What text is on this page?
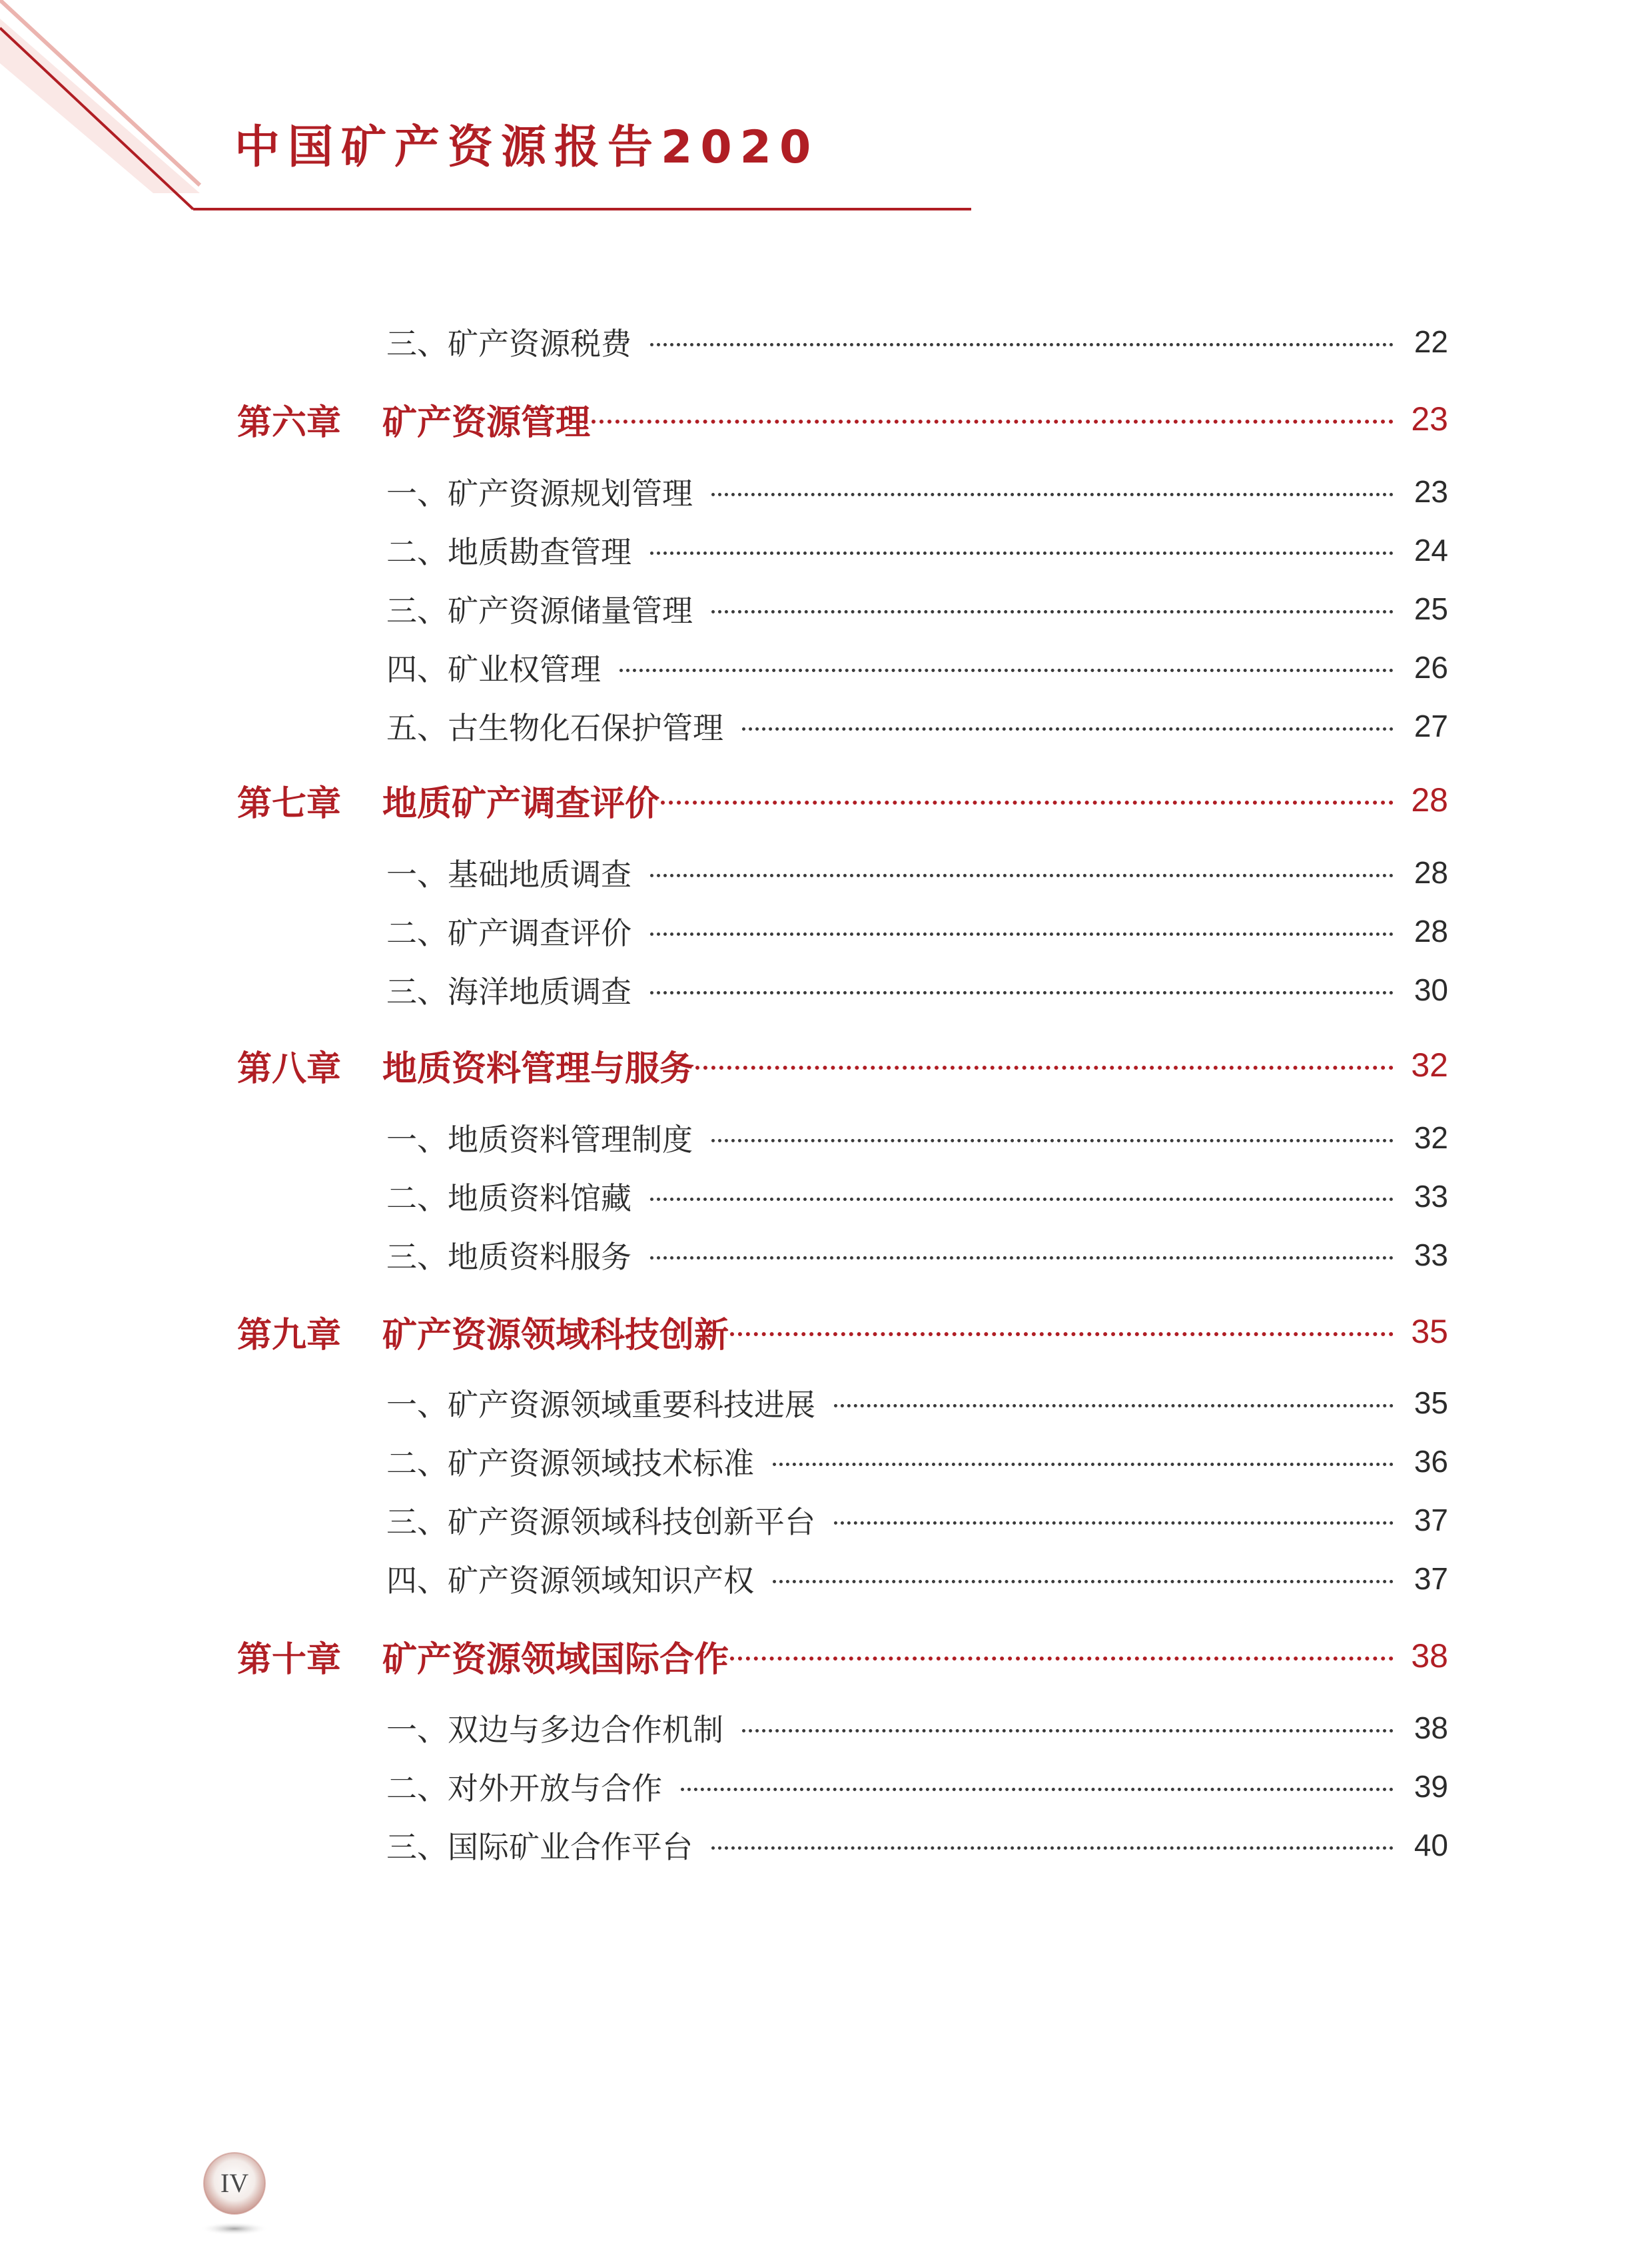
中国矿产资源报告2020
三、矿产资源税费	22
第六章	矿产资源管理	23
一、矿产资源规划管理	23
二、地质勘查管理	24
三、矿产资源储量管理	25
四、矿业权管理	26
五、古生物化石保护管理	27
第七章	地质矿产调查评价	28
一、基础地质调查	28
二、矿产调查评价	28
三、海洋地质调查	30
第八章	地质资料管理与服务	32
一、地质资料管理制度	32
二、地质资料馆藏	33
三、地质资料服务	33
第九章	矿产资源领域科技创新	35
一、矿产资源领域重要科技进展	35
二、矿产资源领域技术标准	36
三、矿产资源领域科技创新平台	37
四、矿产资源领域知识产权	37
第十章	矿产资源领域国际合作	38
一、双边与多边合作机制	38
二、对外开放与合作	39
三、国际矿业合作平台	40
IV
